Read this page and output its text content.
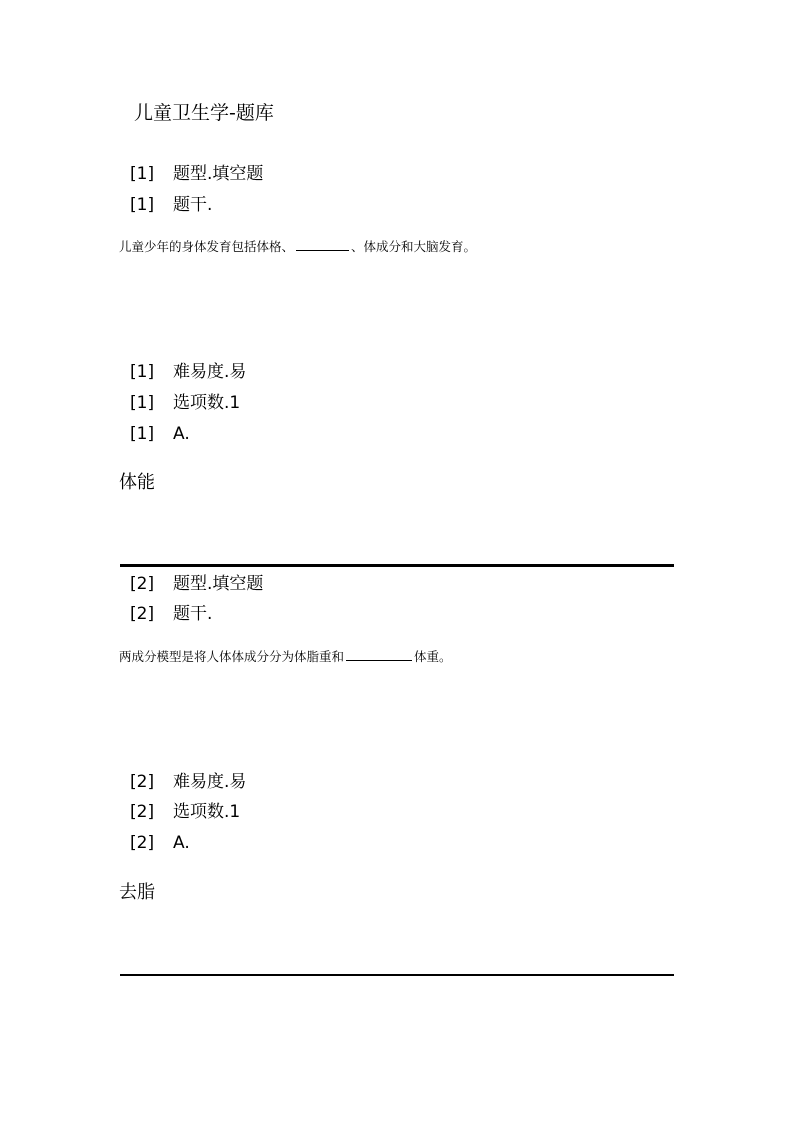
儿童卫生学-题库
[1] 题型.填空题
[1] 题干.
儿童少年的身体发育包括体格、	、体成分和大脑发育。
[1] 难易度.易
[1] 选项数.1
[1] A.
体能
[2] 题型.填空题
[2] 题干.
两成分模型是将人体体成分分为体脂重和	体重。
[2] 难易度.易
[2] 选项数.1
[2] A.
去脂
